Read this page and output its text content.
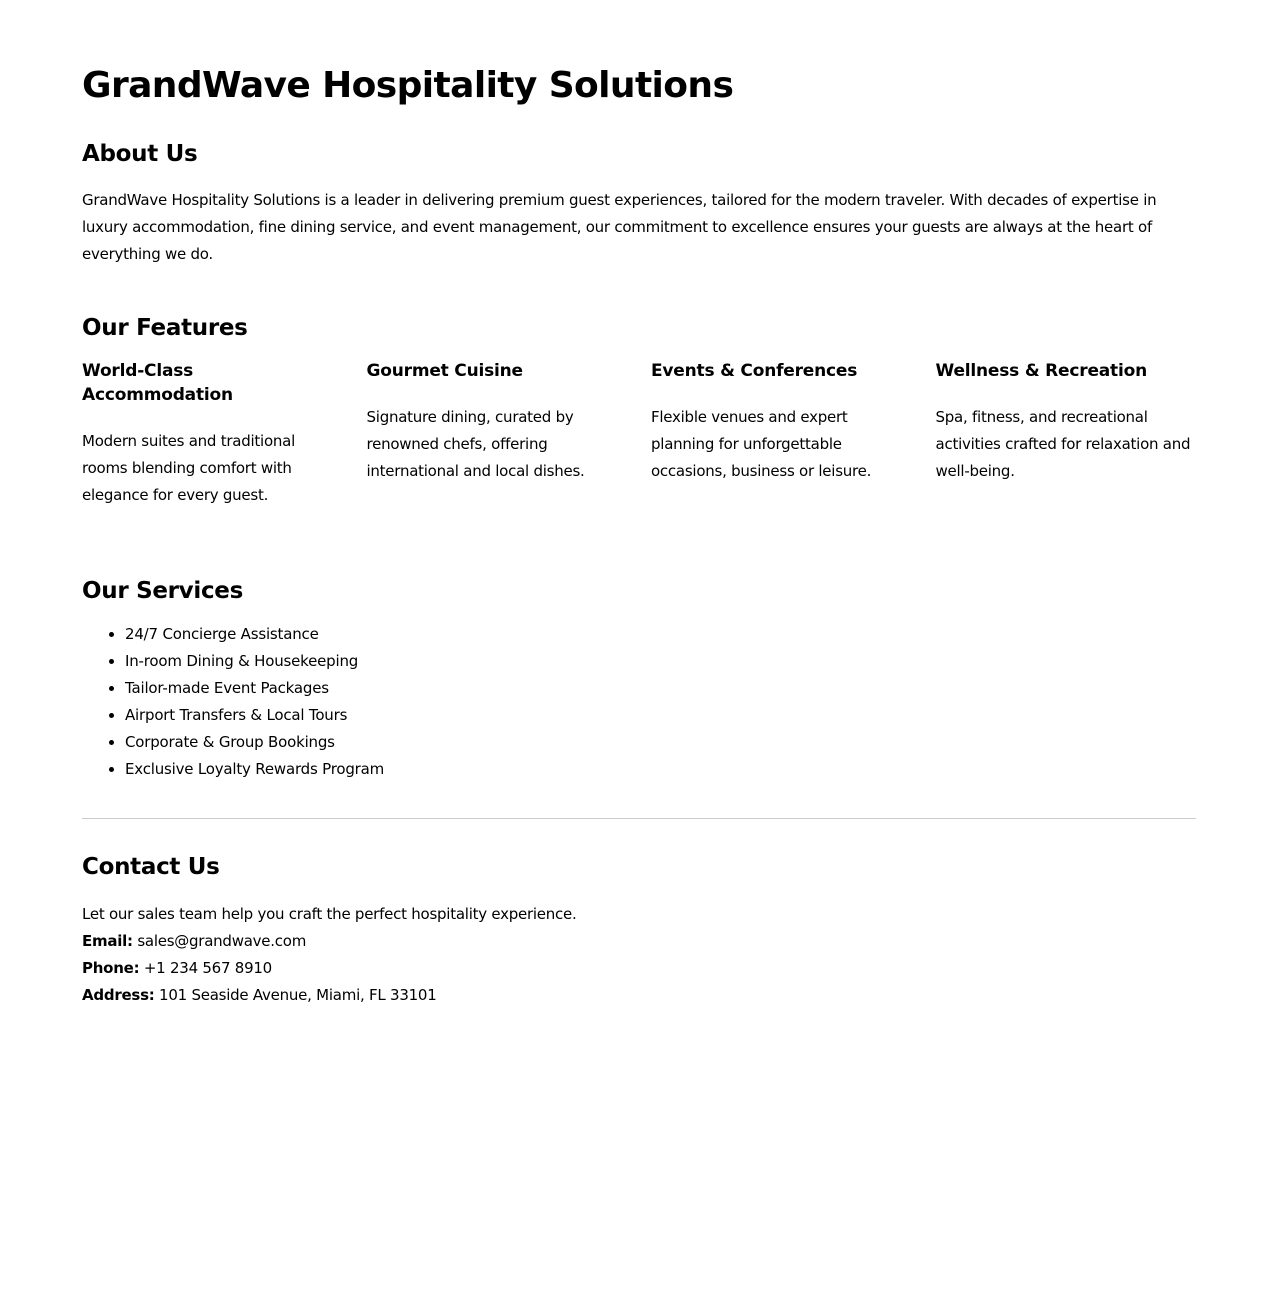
GrandWave Hospitality Solutions
About Us

GrandWave Hospitality Solutions is a leader in delivering premium guest experiences, tailored for the modern traveler. With decades of expertise in luxury accommodation, fine dining service, and event management, our commitment to excellence ensures your guests are always at the heart of everything we do.

Our Features
World-Class Accommodation

Modern suites and traditional rooms blending comfort with elegance for every guest.

Gourmet Cuisine

Signature dining, curated by renowned chefs, offering international and local dishes.

Events & Conferences

Flexible venues and expert planning for unforgettable occasions, business or leisure.

Wellness & Recreation

Spa, fitness, and recreational activities crafted for relaxation and well-being.

Our Services
• 24/7 Concierge Assistance
• In-room Dining & Housekeeping
• Tailor-made Event Packages
• Airport Transfers & Local Tours
• Corporate & Group Bookings
• Exclusive Loyalty Rewards Program
Contact Us

Let our sales team help you craft the perfect hospitality experience.

Email: sales@grandwave.com

Phone: +1 234 567 8910

Address: 101 Seaside Avenue, Miami, FL 33101
